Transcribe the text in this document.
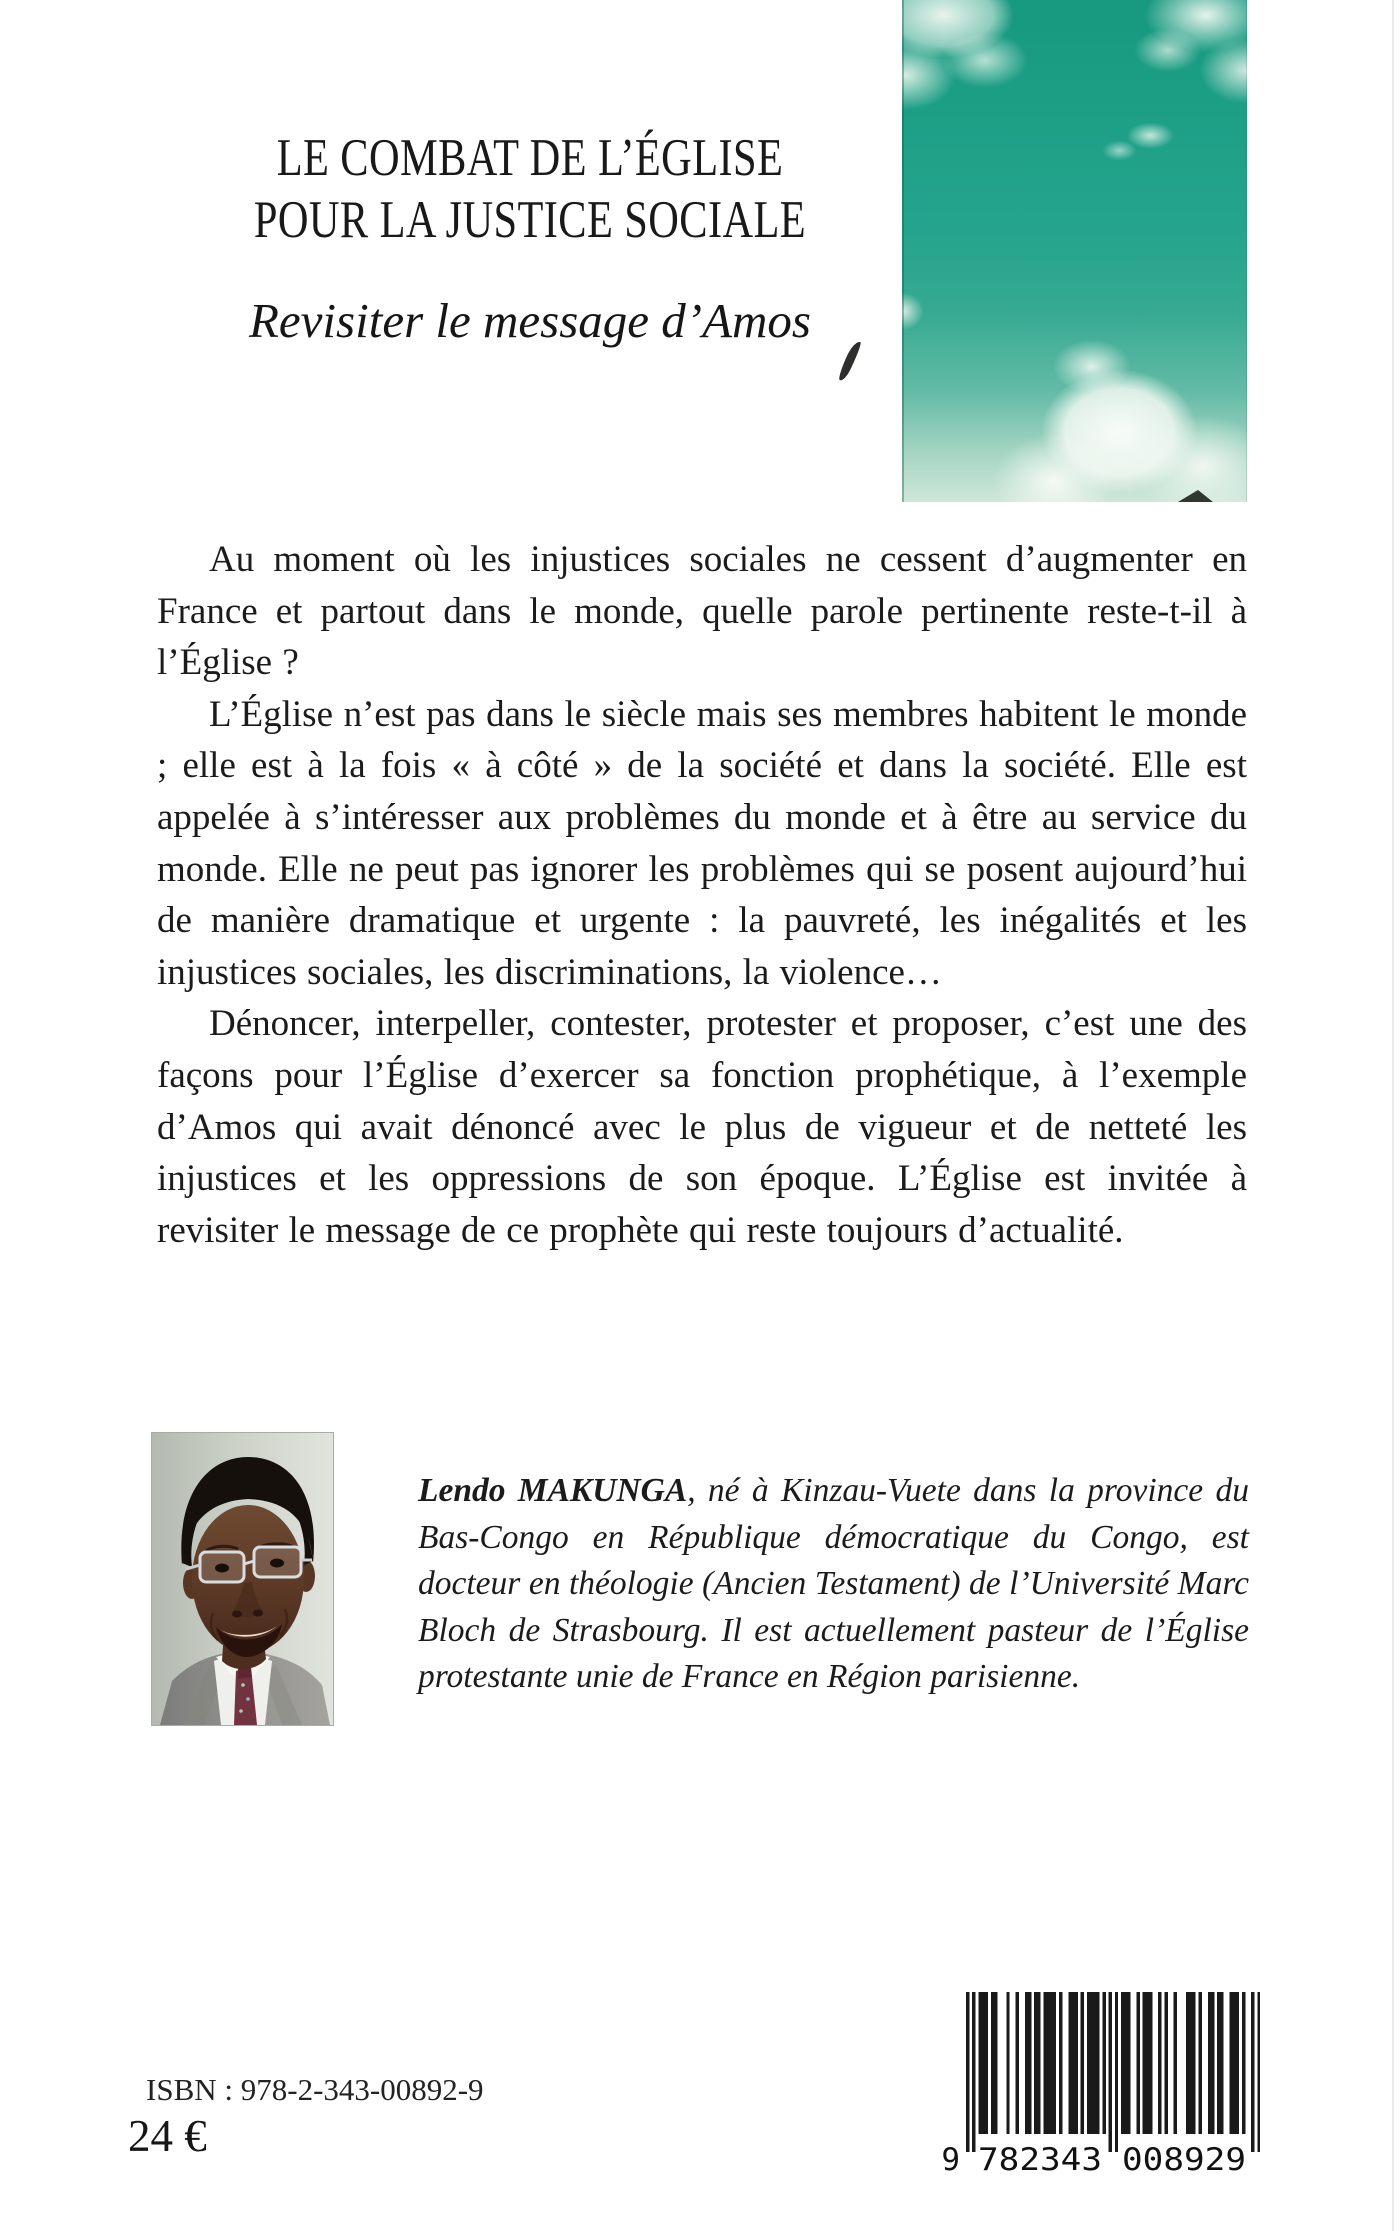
LE COMBAT DE L’ÉGLISE
POUR LA JUSTICE SOCIALE
Revisiter le message d’Amos

Au moment où les injustices sociales ne cessent d’augmenter en France et partout dans le monde, quelle parole pertinente reste-t-il à l’Église ?

L’Église n’est pas dans le siècle mais ses membres habitent le monde ; elle est à la fois « à côté » de la société et dans la société. Elle est appelée à s’intéresser aux problèmes du monde et à être au service du monde. Elle ne peut pas ignorer les problèmes qui se posent aujourd’hui de manière dramatique et urgente : la pauvreté, les inégalités et les injustices sociales, les discriminations, la violence…

Dénoncer, interpeller, contester, protester et proposer, c’est une des façons pour l’Église d’exercer sa fonction prophétique, à l’exemple d’Amos qui avait dénoncé avec le plus de vigueur et de netteté les injustices et les oppressions de son époque. L’Église est invitée à revisiter le message de ce prophète qui reste toujours d’actualité.

Lendo MAKUNGA, né à Kinzau-Vuete dans la province du Bas-Congo en République démocratique du Congo, est docteur en théologie (Ancien Testament) de l’Université Marc Bloch de Strasbourg. Il est actuellement pasteur de l’Église protestante unie de France en Région parisienne.
ISBN : 978-2-343-00892-9
24 €	9 782343 008929
